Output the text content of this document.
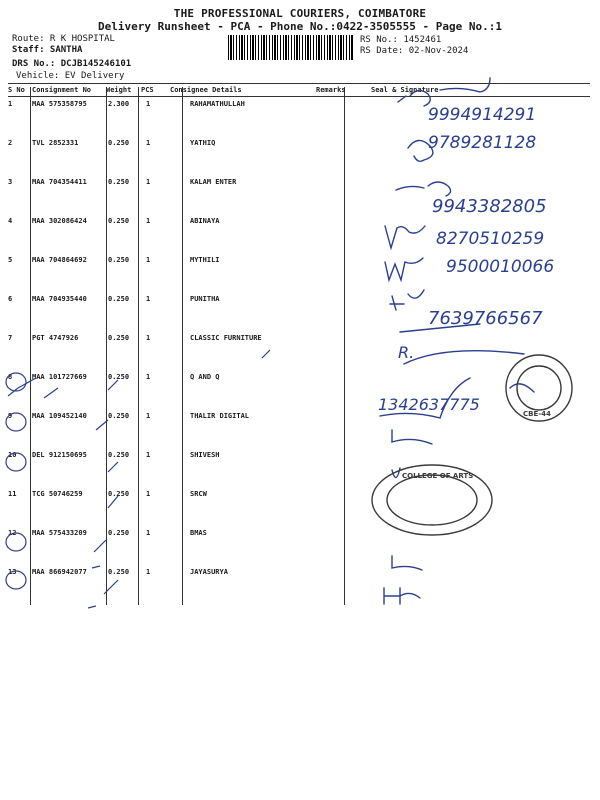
THE PROFESSIONAL COURIERS, COIMBATORE
Delivery Runsheet - PCA - Phone No.:0422-3505555 - Page No.:1
Route: R K HOSPITAL
Staff: SANTHA
DRS No.: DCJB145246101
Vehicle: EV Delivery
RS No.: 1452461
RS Date: 02-Nov-2024
S No Consignment No Weight PCS Consignee Details	Remarks	Seal & Signature
1	MAA 575358795	2.300 1	RAHAMATHULLAH
2	TVL 2852331	0.250 1	YATHIQ
3	MAA 704354411	0.250 1	KALAM ENTER
4	MAA 302086424	0.250 1	ABINAYA
5	MAA 704864692	0.250 1	MYTHILI
6	MAA 704935440	0.250 1	PUNITHA
7	PGT 4747926	0.250 1	CLASSIC FURNITURE
8	MAA 101727669	0.250 1	Q AND Q
9	MAA 109452140	0.250 1	THALIR DIGITAL
10 DEL 912150695	0.250 1	SHIVESH
11 TCG 50746259	0.250 1	SRCW
12 MAA 575433209	0.250 1	BMAS
13 MAA 866942077	0.250 1	JAYASURYA
9994914291
9789281128
9943382805
8270510259
9500010066
7639766567
R.
1342637775	CBE-44
COLLEGE OF ARTS
